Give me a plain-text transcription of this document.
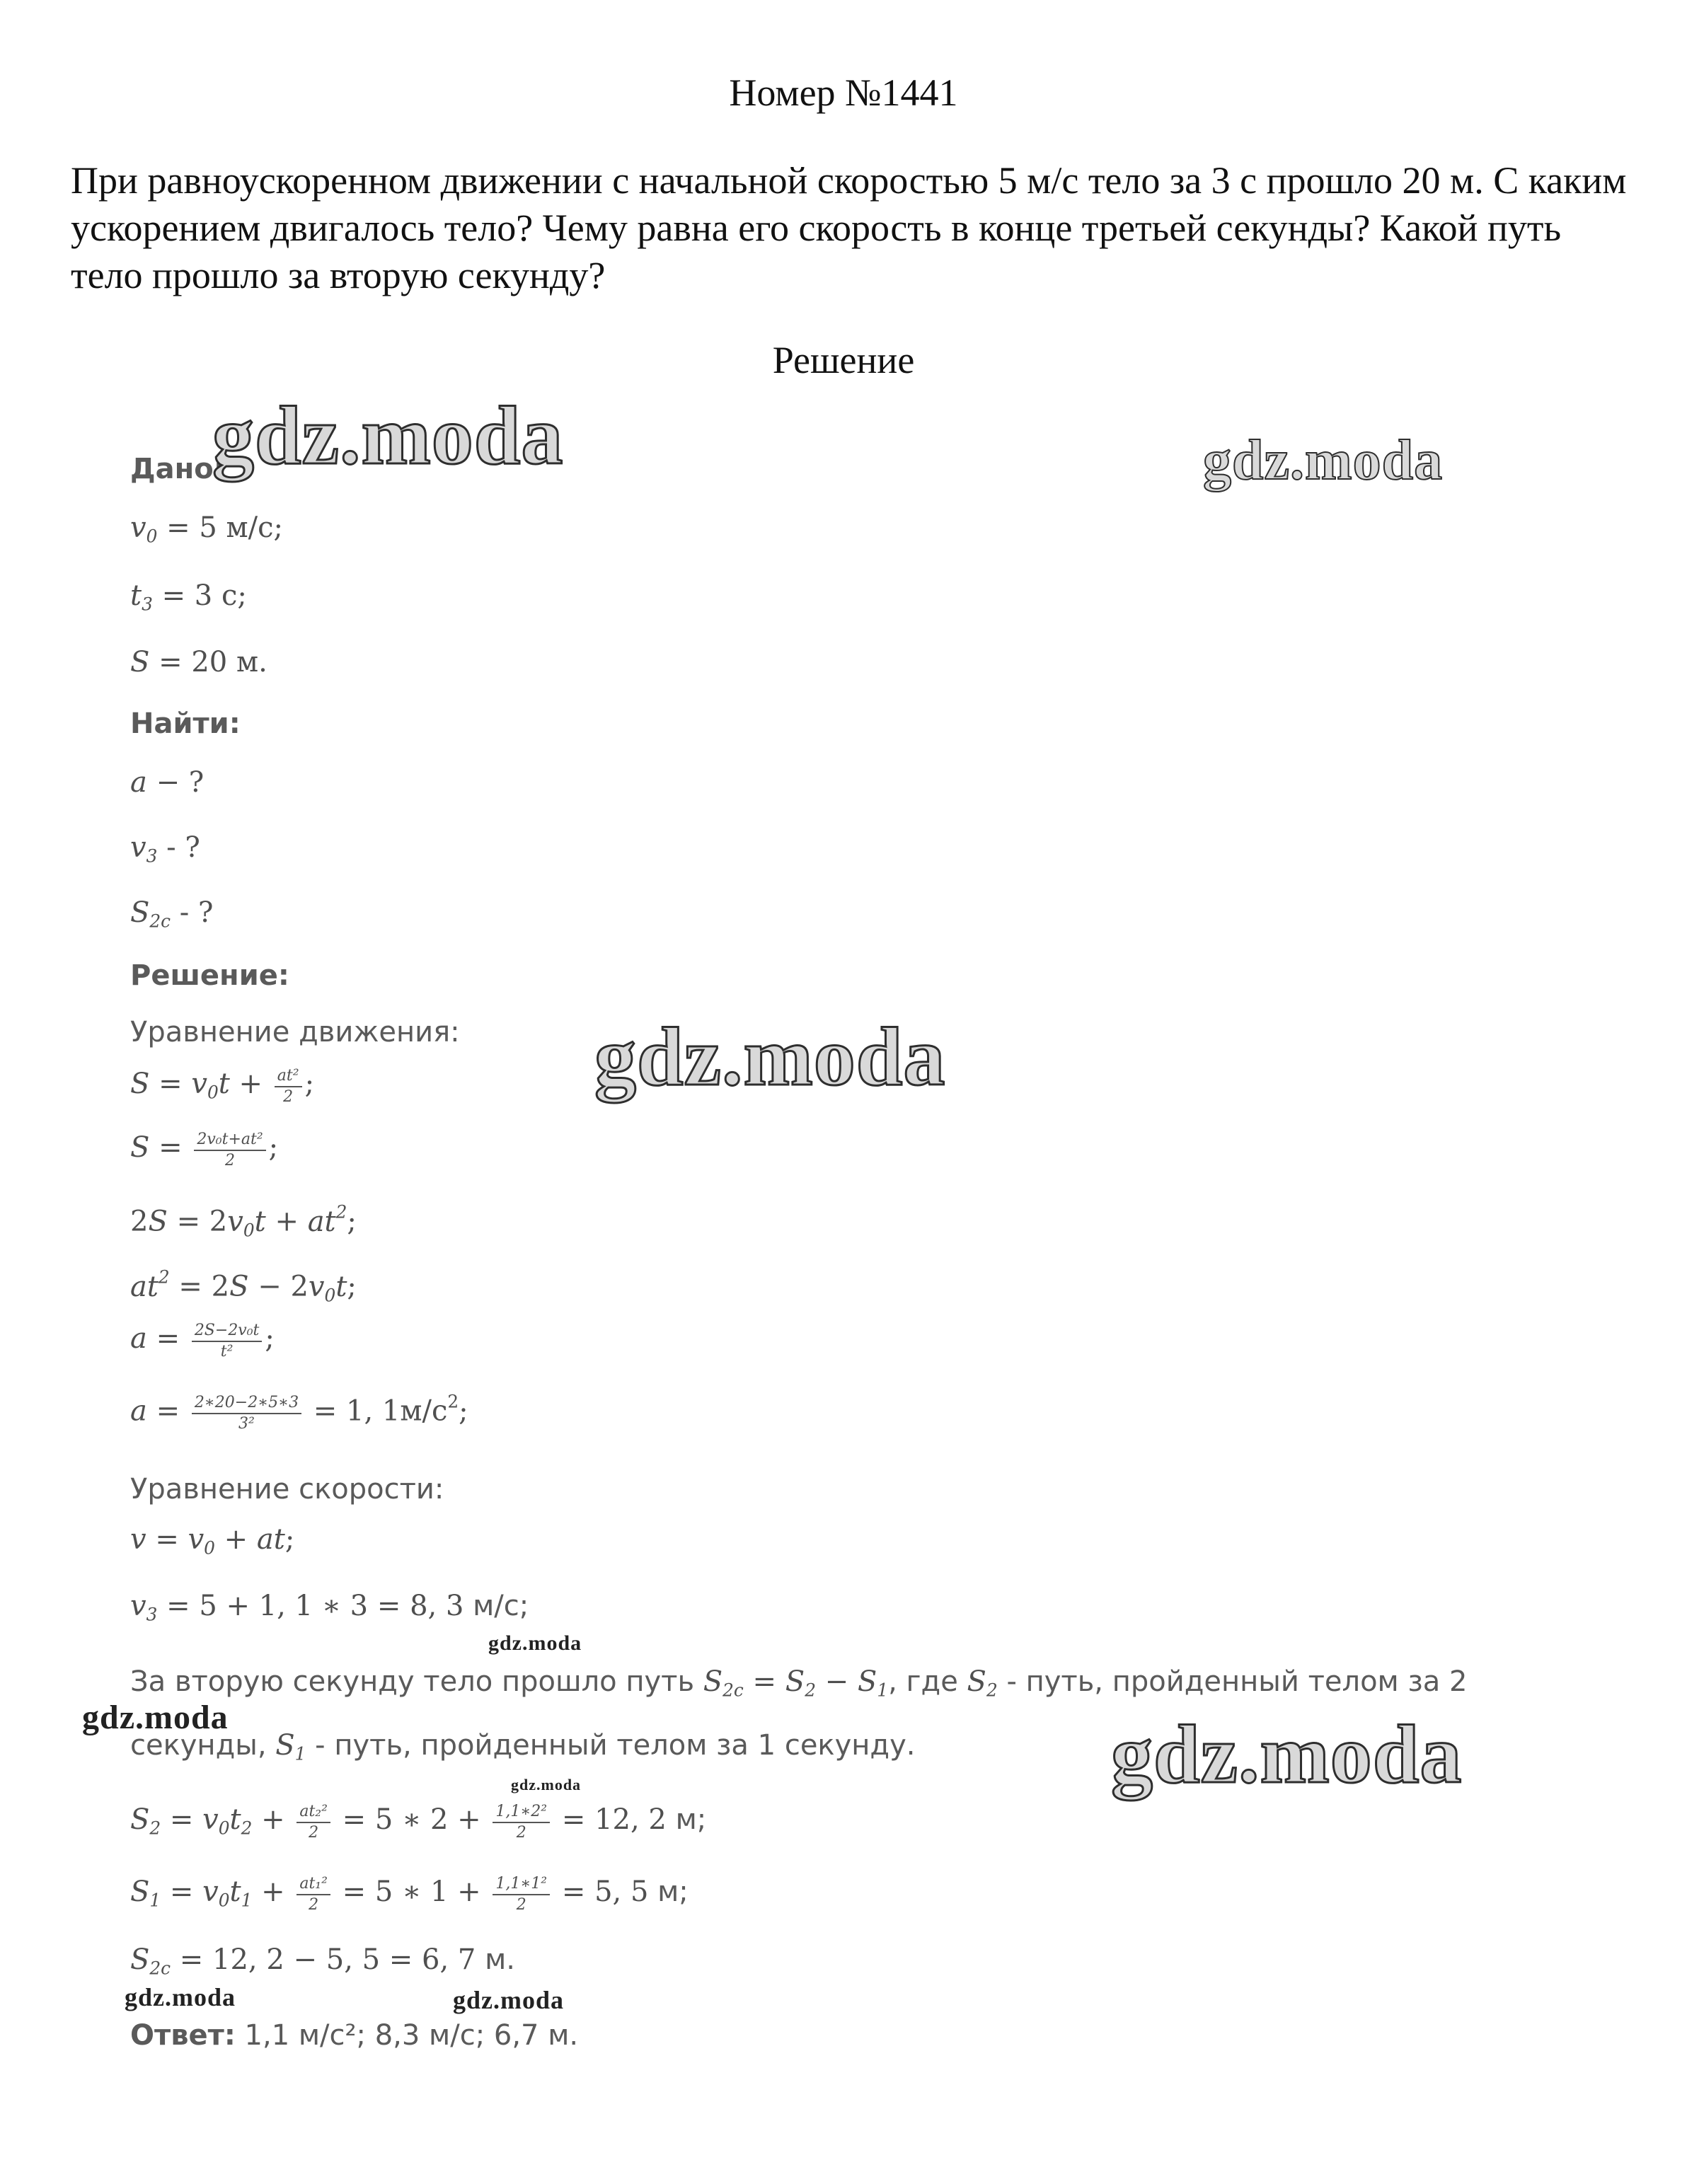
Номер №1441
При равноускоренном движении с начальной скоростью 5 м/с тело за 3 с прошло 20 м. С каким ускорением двигалось тело? Чему равна его скорость в конце третьей секунды? Какой путь тело прошло за вторую секунду?
Решение
Дано:
$v_0 = 5$ м/с;
$t_3 = 3$ c;
S = 20 м.
Найти:
a − ?
$v_3$ - ?
$S_{2c}$ - ?
Решение:
Уравнение движения:
$S = v_0t + \frac{\text{at²}}{2}$ ;
$S = \frac{\text{2v₀t+at²}}{2}$ ;
$2S = 2v_0t + at^2$;
$at^2 = 2S - 2v_0t$;
$a = \frac{\text{2S−2v₀t}}{\text{t²}}$ ;
$a = \frac{2∗20-2∗5∗3}{\text{3²}} = 1$, $1м/с^2$;
Уравнение скорости:
$v = v_0$ + at;
$v_3 = 5 + 1$, 1 ∗ 3 = 8, 3 м/с;
За вторую секунду тело прошло путь $S_{2c} = S_2 - S_1$, где $S_2$ - путь, пройденный телом за 2
секунды, $S_1$ - путь, пройденный телом за 1 секунду.
$S_2 = v_0t_2 + \frac{\text{at₂²}}{2} = 5$ ∗ $2 + \frac{\text{1,1∗2²}}{2} = 12$, 2 м;
$S_1 = v_0t_1 + \frac{\text{at₁²}}{2} = 5$ ∗ $1 + \frac{\text{1,1∗1²}}{2} = 5$, 5 м;
$S_{2c} = 12$, 2 − 5, 5 = 6, 7 м.
Ответ: 1,1 м/с²; 8,3 м/с; 6,7 м.
gdz.moda	gdz.moda
gdz.moda
gdz.moda
gdz.moda
gdz.moda
gdz.moda
gdz.moda	gdz.moda
